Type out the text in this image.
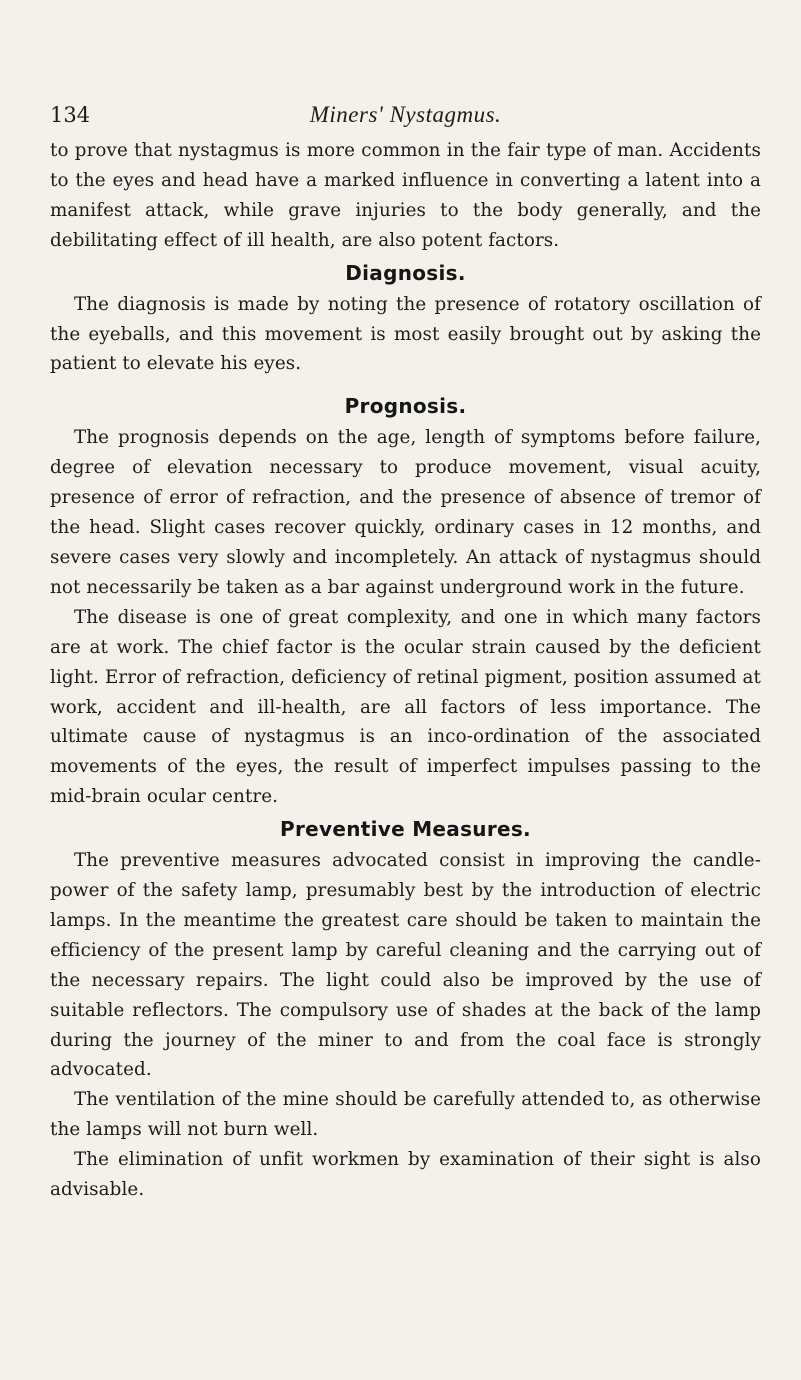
134	Miners' Nystagmus.

to prove that nystagmus is more common in the fair type of man. Accidents to the eyes and head have a marked influence in converting a latent into a manifest attack, while grave injuries to the body generally, and the debilitating effect of ill health, are also potent factors.

Diagnosis.

The diagnosis is made by noting the presence of rotatory oscillation of the eyeballs, and this movement is most easily brought out by asking the patient to elevate his eyes.

Prognosis.

The prognosis depends on the age, length of symptoms before failure, degree of elevation necessary to produce movement, visual acuity, presence of error of refraction, and the presence of absence of tremor of the head. Slight cases recover quickly, ordinary cases in 12 months, and severe cases very slowly and incompletely. An attack of nystagmus should not necessarily be taken as a bar against underground work in the future.

The disease is one of great complexity, and one in which many factors are at work. The chief factor is the ocular strain caused by the deficient light. Error of refraction, deficiency of retinal pigment, position assumed at work, accident and ill-health, are all factors of less importance. The ultimate cause of nystagmus is an inco-ordination of the associated movements of the eyes, the result of imperfect impulses passing to the mid-brain ocular centre.

Preventive Measures.

The preventive measures advocated consist in improving the candle-power of the safety lamp, presumably best by the introduction of electric lamps. In the meantime the greatest care should be taken to maintain the efficiency of the present lamp by careful cleaning and the carrying out of the necessary repairs. The light could also be improved by the use of suitable reflectors. The compulsory use of shades at the back of the lamp during the journey of the miner to and from the coal face is strongly advocated.

The ventilation of the mine should be carefully attended to, as otherwise the lamps will not burn well.

The elimination of unfit workmen by examination of their sight is also advisable.
